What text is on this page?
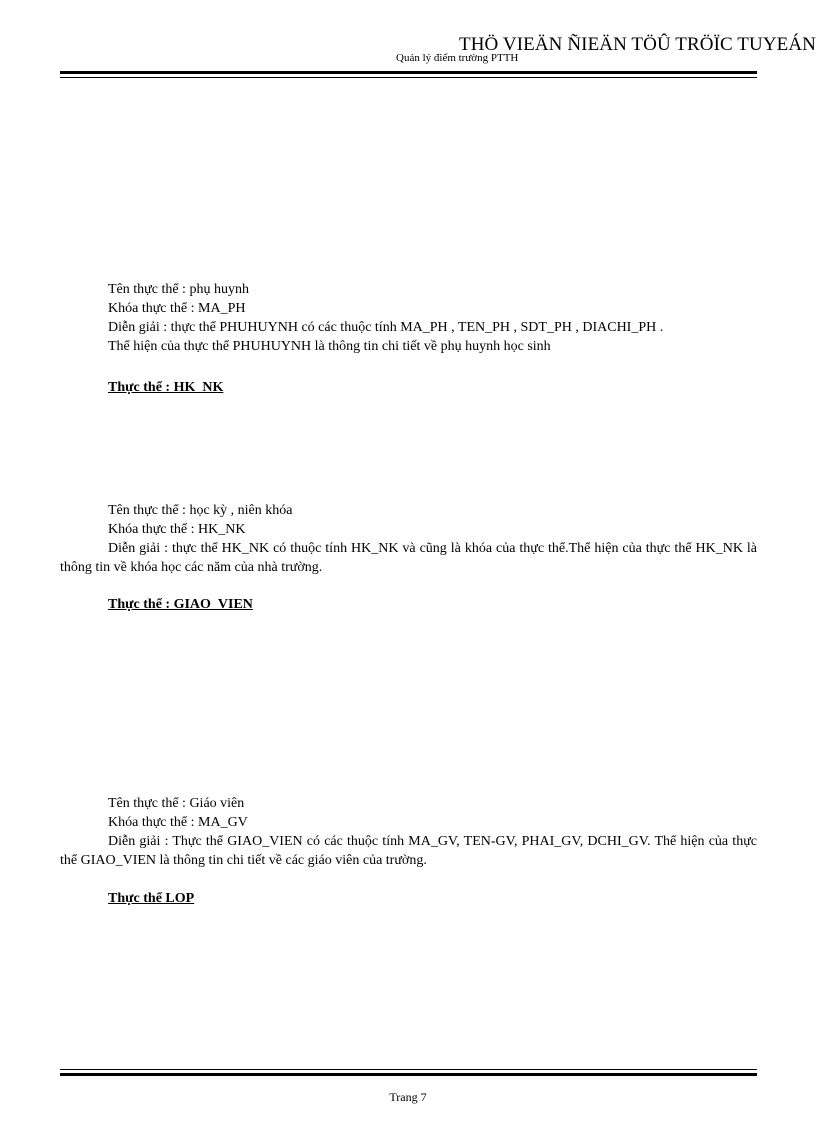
THÖ VIEÄN ÑIEÄN TÖÛ TRÖÏC TUYEÁN
Quản lý điểm trường PTTH
Tên thực thể : phụ huynh
Khóa thực thể : MA_PH
Diễn giải : thực thể PHUHUYNH có các thuộc tính MA_PH , TEN_PH , SDT_PH , DIACHI_PH .
Thể hiện của thực thể PHUHUYNH là thông tin chi tiết về phụ huynh học sinh
Thực thể : HK_NK
Tên thực thể : học kỳ , niên khóa
Khóa thực thể : HK_NK
Diễn giải : thực thể HK_NK có thuộc tính HK_NK và cũng là khóa của thực thể.Thể hiện của thực thể HK_NK là thông tin về khóa học các năm của nhà trường.
Thực thể : GIAO_VIEN
Tên thực thể : Giáo viên
Khóa thực thể : MA_GV
Diễn giải : Thực thể GIAO_VIEN có các thuộc tính MA_GV, TEN-GV, PHAI_GV, DCHI_GV. Thể hiện của thực thể GIAO_VIEN là thông tin chi tiết về các giáo viên của trường.
Thực thể LOP
Trang 7
